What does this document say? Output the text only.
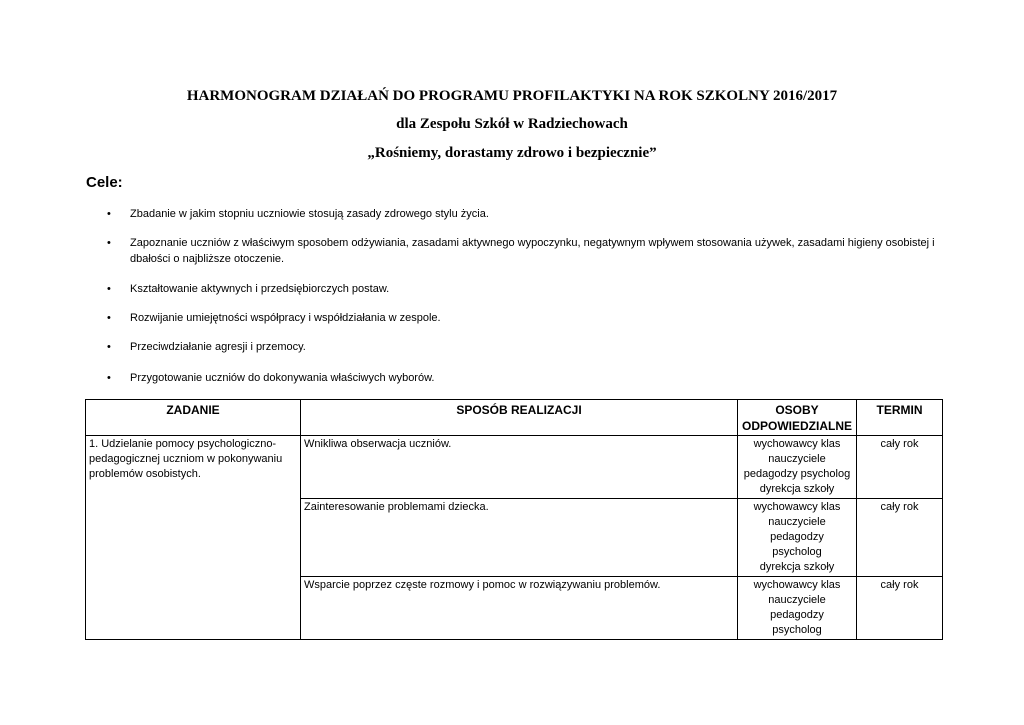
HARMONOGRAM DZIAŁAŃ DO PROGRAMU PROFILAKTYKI NA ROK SZKOLNY 2016/2017
dla Zespołu Szkół w Radziechowach
„Rośniemy, dorastamy zdrowo i bezpiecznie”

Cele:

• Zbadanie w jakim stopniu uczniowie stosują zasady zdrowego stylu życia.
• Zapoznanie uczniów z właściwym sposobem odżywiania, zasadami aktywnego wypoczynku, negatywnym wpływem stosowania używek, zasadami higieny osobistej i dbałości o najbliższe otoczenie.
• Kształtowanie aktywnych i przedsiębiorczych postaw.
• Rozwijanie umiejętności współpracy i współdziałania w zespole.
• Przeciwdziałanie agresji i przemocy.
• Przygotowanie uczniów do dokonywania właściwych wyborów.
ZADANIE	SPOSÓB REALIZACJI	OSOBY ODPOWIEDZIALNE	TERMIN
1. Udzielanie pomocy psychologiczno-pedagogicznej uczniom w pokonywaniu problemów osobistych.	Wnikliwa obserwacja uczniów.	wychowawcy klas
nauczyciele
pedagodzy psycholog
dyrekcja szkoły	cały rok
	Zainteresowanie problemami dziecka.	wychowawcy klas
nauczyciele
pedagodzy
psycholog
dyrekcja szkoły	cały rok
	Wsparcie poprzez częste rozmowy i pomoc w rozwiązywaniu problemów.	wychowawcy klas
nauczyciele
pedagodzy
psycholog	cały rok
